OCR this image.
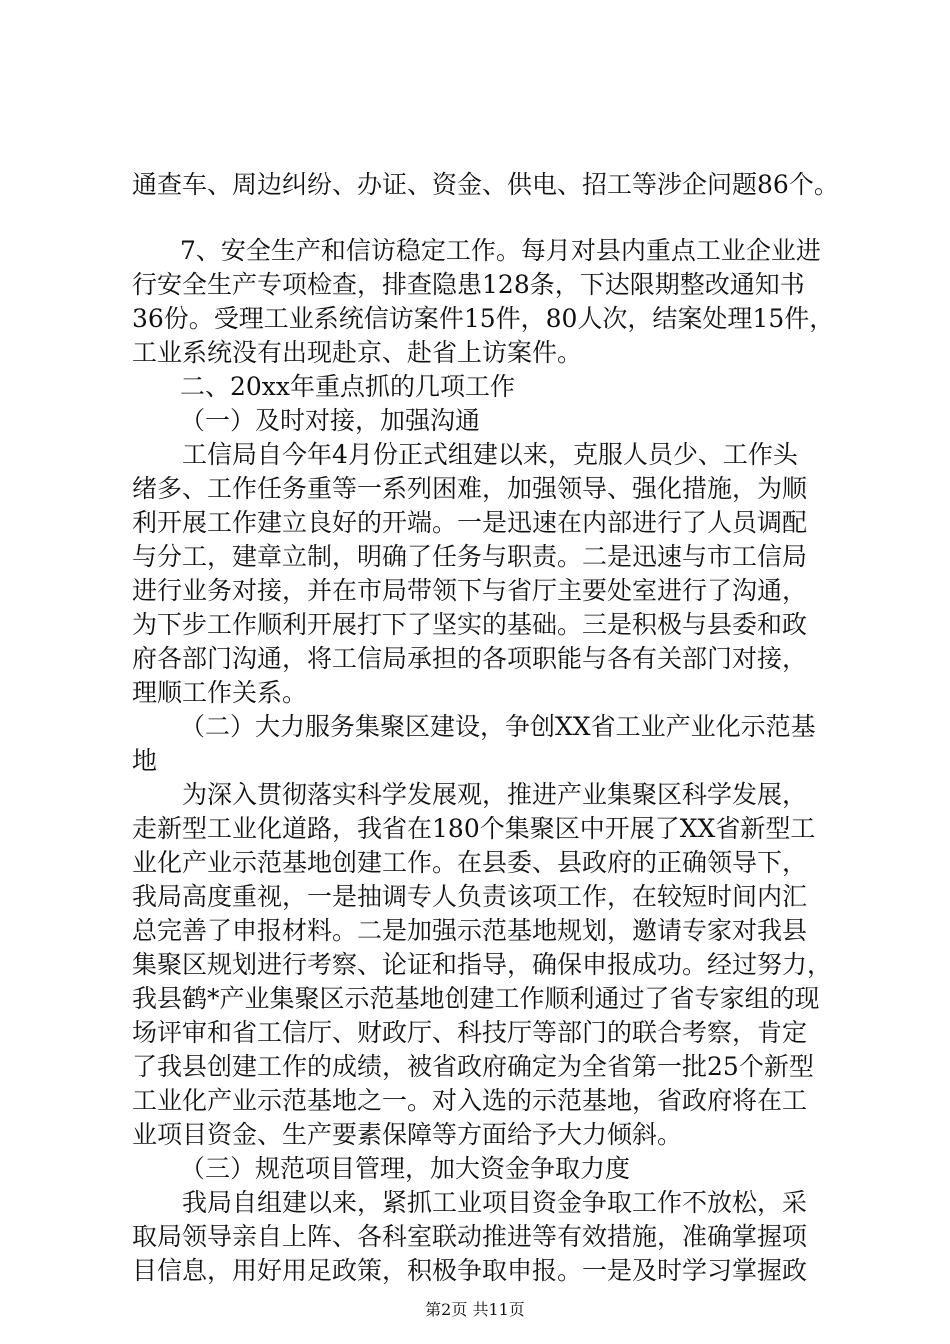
通查车、周边纠纷、办证、资金、供电、招工等涉企问题86个。
7、安全生产和信访稳定工作。每月对县内重点工业企业进
行安全生产专项检查，排查隐患128条，下达限期整改通知书
36份。受理工业系统信访案件15件，80人次，结案处理15件，
工业系统没有出现赴京、赴省上访案件。
二、20xx年重点抓的几项工作
（一）及时对接，加强沟通
工信局自今年4月份正式组建以来，克服人员少、工作头
绪多、工作任务重等一系列困难，加强领导、强化措施，为顺
利开展工作建立良好的开端。一是迅速在内部进行了人员调配
与分工，建章立制，明确了任务与职责。二是迅速与市工信局
进行业务对接，并在市局带领下与省厅主要处室进行了沟通，
为下步工作顺利开展打下了坚实的基础。三是积极与县委和政
府各部门沟通，将工信局承担的各项职能与各有关部门对接，
理顺工作关系。
（二）大力服务集聚区建设，争创XX省工业产业化示范基
地
为深入贯彻落实科学发展观，推进产业集聚区科学发展，
走新型工业化道路，我省在180个集聚区中开展了XX省新型工
业化产业示范基地创建工作。在县委、县政府的正确领导下，
我局高度重视，一是抽调专人负责该项工作，在较短时间内汇
总完善了申报材料。二是加强示范基地规划，邀请专家对我县
集聚区规划进行考察、论证和指导，确保申报成功。经过努力，
我县鹤*产业集聚区示范基地创建工作顺利通过了省专家组的现
场评审和省工信厅、财政厅、科技厅等部门的联合考察，肯定
了我县创建工作的成绩，被省政府确定为全省第一批25个新型
工业化产业示范基地之一。对入选的示范基地，省政府将在工
业项目资金、生产要素保障等方面给予大力倾斜。
（三）规范项目管理，加大资金争取力度
我局自组建以来，紧抓工业项目资金争取工作不放松，采
取局领导亲自上阵、各科室联动推进等有效措施，准确掌握项
目信息，用好用足政策，积极争取申报。一是及时学习掌握政
第2页 共11页
